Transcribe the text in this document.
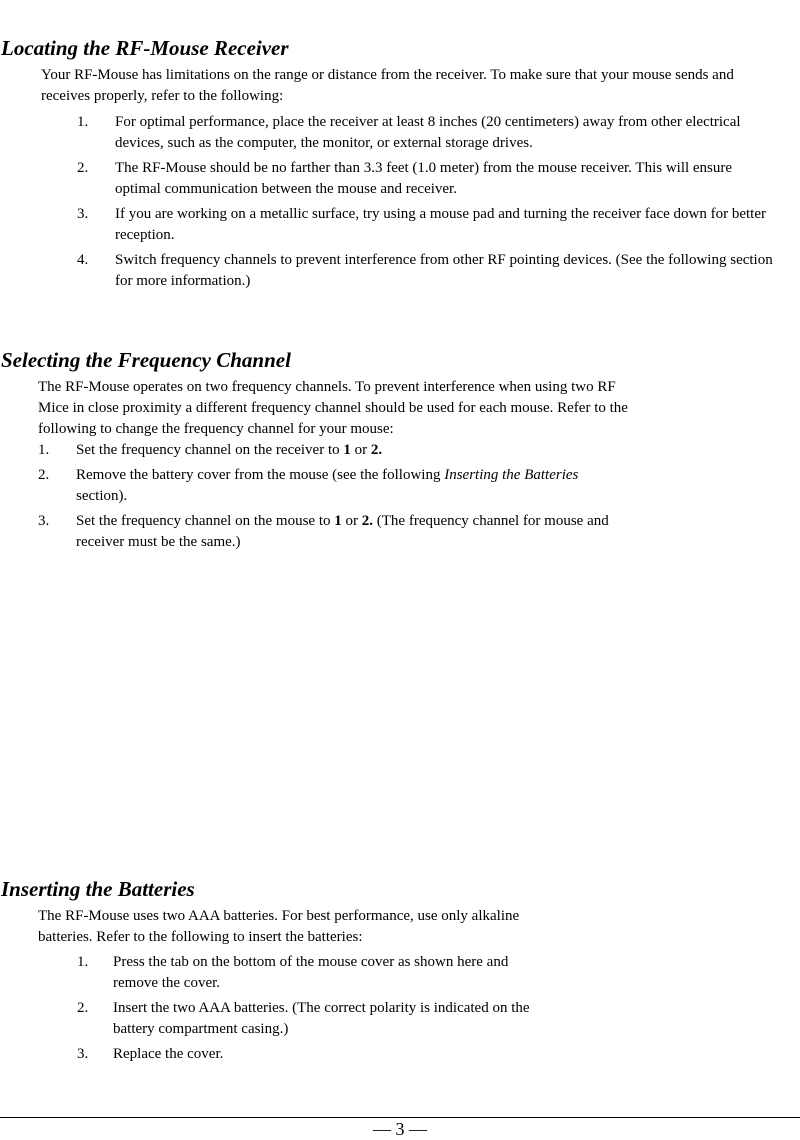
Locating the RF-Mouse Receiver

Your RF-Mouse has limitations on the range or distance from the receiver. To make sure that your mouse sends and receives properly, refer to the following:

1. For optimal performance, place the receiver at least 8 inches (20 centimeters) away from other electrical devices, such as the computer, the monitor, or external storage drives.
2. The RF-Mouse should be no farther than 3.3 feet (1.0 meter) from the mouse receiver. This will ensure optimal communication between the mouse and receiver.
3. If you are working on a metallic surface, try using a mouse pad and turning the receiver face down for better reception.
4. Switch frequency channels to prevent interference from other RF pointing devices. (See the following section for more information.)
Selecting the Frequency Channel

The RF-Mouse operates on two frequency channels. To prevent interference when using two RF Mice in close proximity a different frequency channel should be used for each mouse. Refer to the following to change the frequency channel for your mouse:

1. Set the frequency channel on the receiver to 1 or 2.
2. Remove the battery cover from the mouse (see the following Inserting the Batteries section).
3. Set the frequency channel on the mouse to 1 or 2. (The frequency channel for mouse and receiver must be the same.)
Inserting the Batteries

The RF-Mouse uses two AAA batteries. For best performance, use only alkaline batteries. Refer to the following to insert the batteries:

1. Press the tab on the bottom of the mouse cover as shown here and remove the cover.
2. Insert the two AAA batteries. (The correct polarity is indicated on the battery compartment casing.)
3. Replace the cover.
— 3 —
